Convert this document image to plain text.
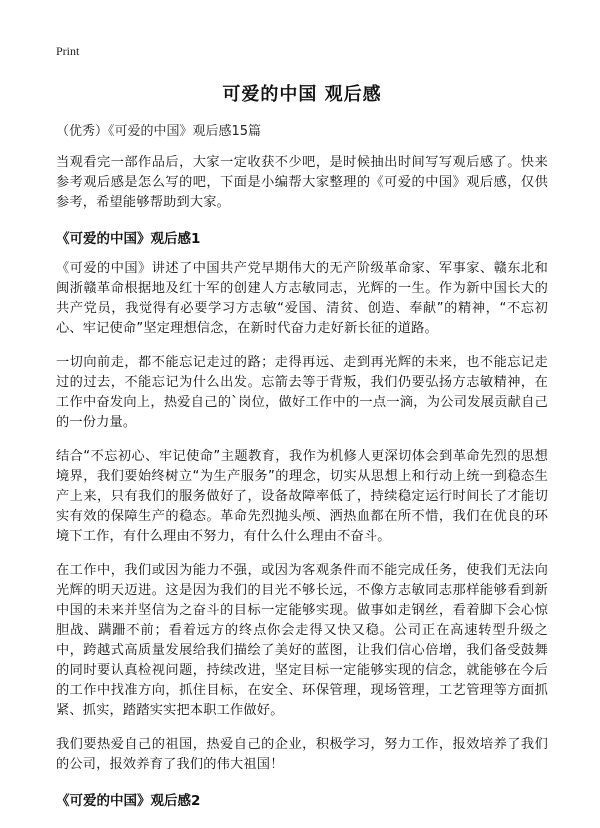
Print
可爱的中国 观后感
（优秀）《可爱的中国》观后感15篇

当观看完一部作品后，大家一定收获不少吧，是时候抽出时间写写观后感了。快来参考观后感是怎么写的吧，下面是小编帮大家整理的《可爱的中国》观后感，仅供参考，希望能够帮助到大家。

《可爱的中国》观后感1

《可爱的中国》讲述了中国共产党早期伟大的无产阶级革命家、军事家、赣东北和闽浙赣革命根据地及红十军的创建人方志敏同志，光辉的一生。作为新中国长大的共产党员，我觉得有必要学习方志敏“爱国、清贫、创造、奉献”的精神，“不忘初心、牢记使命”坚定理想信念，在新时代奋力走好新长征的道路。

一切向前走，都不能忘记走过的路；走得再远、走到再光辉的未来，也不能忘记走过的过去，不能忘记为什么出发。忘箭去等于背叛，我们仍要弘扬方志敏精神，在工作中奋发向上，热爱自己的`岗位，做好工作中的一点一滴，为公司发展贡献自己的一份力量。

结合“不忘初心、牢记使命”主题教育，我作为机修人更深切体会到革命先烈的思想境界，我们要始终树立“为生产服务”的理念，切实从思想上和行动上统一到稳态生产上来，只有我们的服务做好了，设备故障率低了，持续稳定运行时间长了才能切实有效的保障生产的稳态。革命先烈抛头颅、洒热血都在所不惜，我们在优良的环境下工作，有什么理由不努力，有什么什么理由不奋斗。

在工作中，我们或因为能力不强，或因为客观条件而不能完成任务，使我们无法向光辉的明天迈进。这是因为我们的目光不够长远，不像方志敏同志那样能够看到新中国的未来并坚信为之奋斗的目标一定能够实现。做事如走钢丝，看着脚下会心惊胆战、蹒跚不前；看着远方的终点你会走得又快又稳。公司正在高速转型升级之中，跨越式高质量发展给我们描绘了美好的蓝图，让我们信心倍增，我们备受鼓舞的同时要认真检视问题，持续改进，坚定目标一定能够实现的信念，就能够在今后的工作中找准方向，抓住目标，在安全、环保管理，现场管理，工艺管理等方面抓紧、抓实，踏踏实实把本职工作做好。

我们要热爱自己的祖国，热爱自己的企业，积极学习，努力工作，报效培养了我们的公司，报效养育了我们的伟大祖国！

《可爱的中国》观后感2
